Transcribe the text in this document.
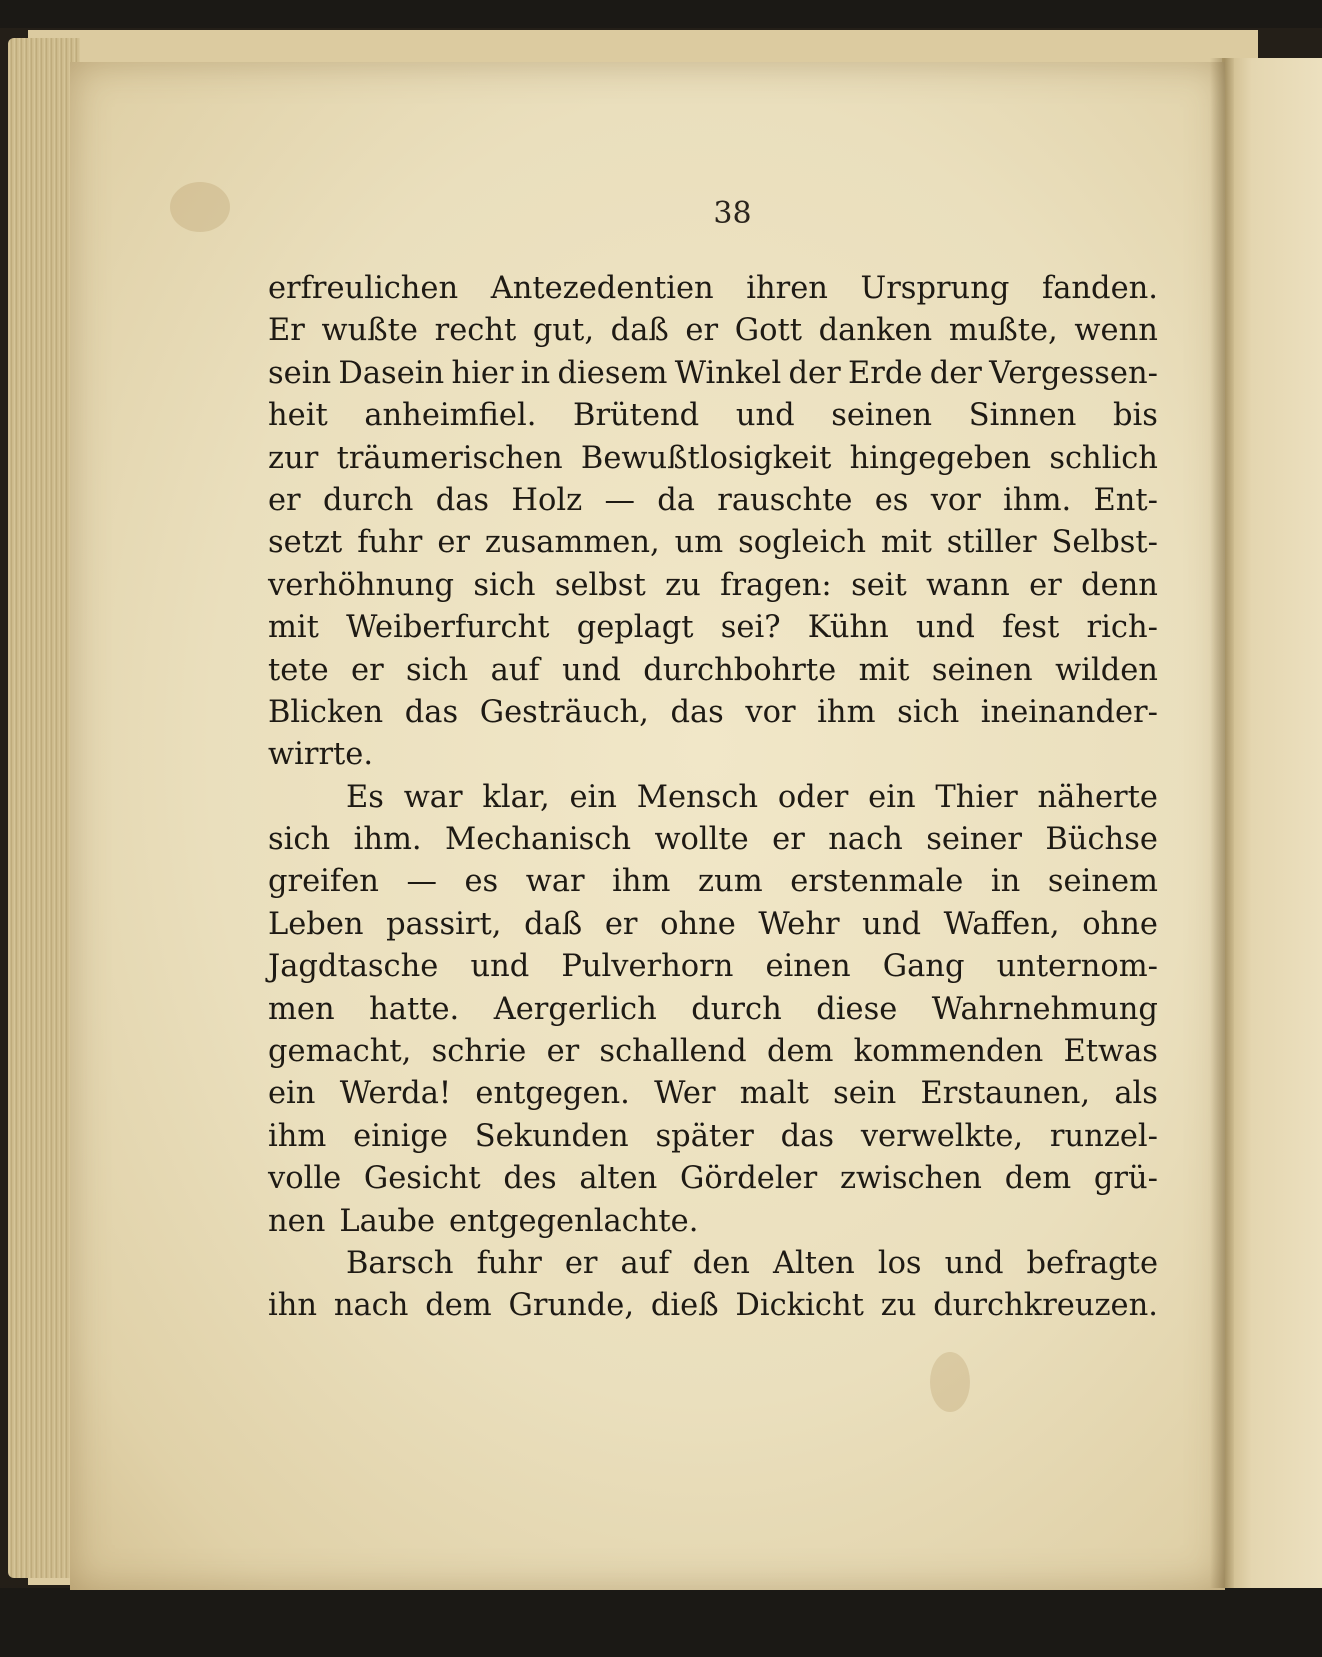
38
erfreulichen Antezedentien ihren Ursprung fanden.
Er wußte recht gut, daß er Gott danken mußte, wenn
sein Dasein hier in diesem Winkel der Erde der Vergessen-
heit anheimfiel. Brütend und seinen Sinnen bis
zur träumerischen Bewußtlosigkeit hingegeben schlich
er durch das Holz — da rauschte es vor ihm. Ent-
setzt fuhr er zusammen, um sogleich mit stiller Selbst-
verhöhnung sich selbst zu fragen: seit wann er denn
mit Weiberfurcht geplagt sei? Kühn und fest rich-
tete er sich auf und durchbohrte mit seinen wilden
Blicken das Gesträuch, das vor ihm sich ineinander-
wirrte.
Es war klar, ein Mensch oder ein Thier näherte
sich ihm. Mechanisch wollte er nach seiner Büchse
greifen — es war ihm zum erstenmale in seinem
Leben passirt, daß er ohne Wehr und Waffen, ohne
Jagdtasche und Pulverhorn einen Gang unternom-
men hatte. Aergerlich durch diese Wahrnehmung
gemacht, schrie er schallend dem kommenden Etwas
ein Werda! entgegen. Wer malt sein Erstaunen, als
ihm einige Sekunden später das verwelkte, runzel-
volle Gesicht des alten Gördeler zwischen dem grü-
nen Laube entgegenlachte.
Barsch fuhr er auf den Alten los und befragte
ihn nach dem Grunde, dieß Dickicht zu durchkreuzen.
